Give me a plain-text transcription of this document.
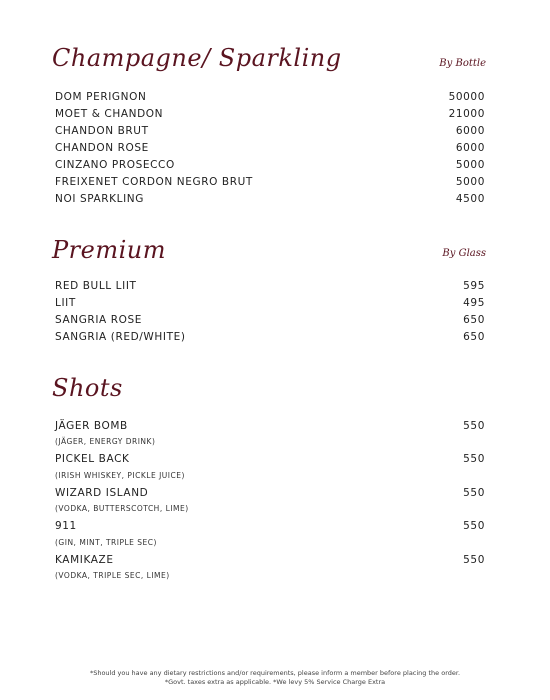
Champagne/ Sparkling	By Bottle
DOM PERIGNON	50000
MOET & CHANDON	21000
CHANDON BRUT	6000
CHANDON ROSE	6000
CINZANO PROSECCO	5000
FREIXENET CORDON NEGRO BRUT	5000
NOI SPARKLING	4500
Premium	By Glass
RED BULL LIIT	595
LIIT	495
SANGRIA ROSE	650
SANGRIA (RED/WHITE)	650
Shots
JÄGER BOMB	550
(JÄGER, ENERGY DRINK)
PICKEL BACK	550
(IRISH WHISKEY, PICKLE JUICE)
WIZARD ISLAND	550
(VODKA, BUTTERSCOTCH, LIME)
911	550
(GIN, MINT, TRIPLE SEC)
KAMIKAZE	550
(VODKA, TRIPLE SEC, LIME)
*Should you have any dietary restrictions and/or requirements, please inform a member before placing the order.
*Govt. taxes extra as applicable. *We levy 5% Service Charge Extra
